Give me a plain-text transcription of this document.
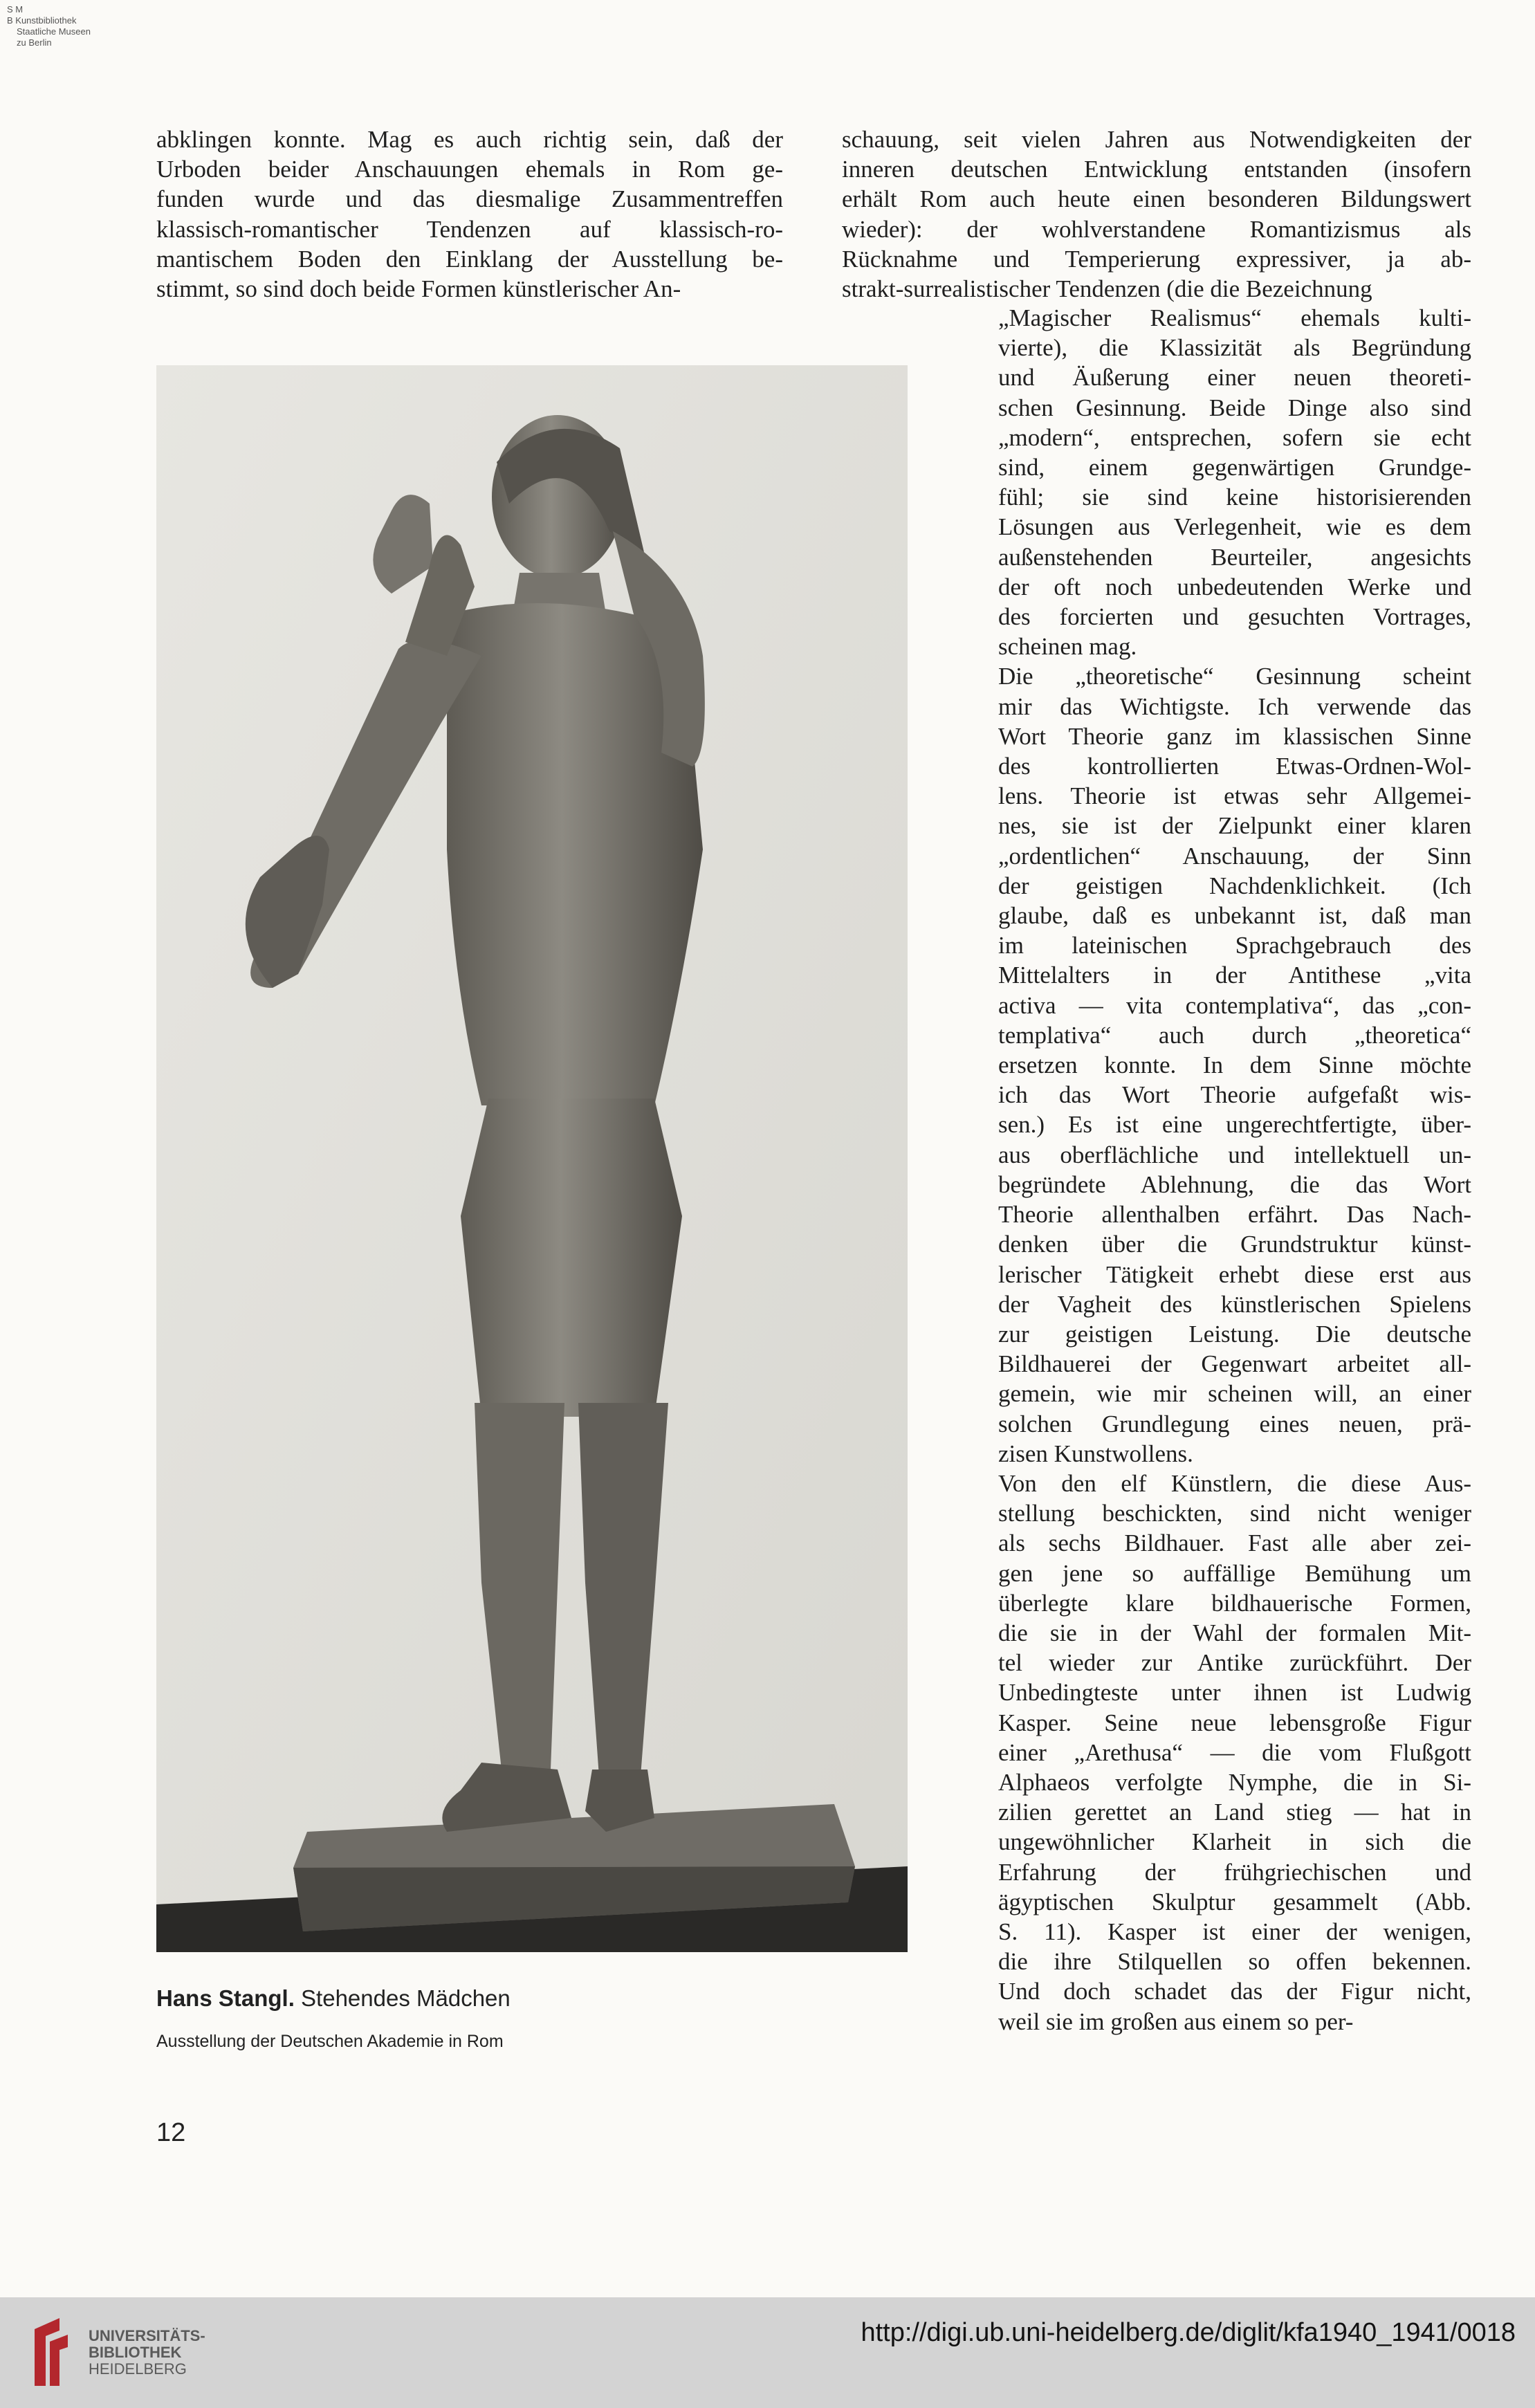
S M
B Kunstbibliothek
Staatliche Museen
zu Berlin
abklingen konnte. Mag es auch richtig sein, daß der
Urboden beider Anschauungen ehemals in Rom ge-
funden wurde und das diesmalige Zusammentreffen
klassisch-romantischer Tendenzen auf klassisch-ro-
mantischem Boden den Einklang der Ausstellung be-
stimmt, so sind doch beide Formen künstlerischer An-
schauung, seit vielen Jahren aus Notwendigkeiten der
inneren deutschen Entwicklung entstanden (insofern
erhält Rom auch heute einen besonderen Bildungswert
wieder): der wohlverstandene Romantizismus als
Rücknahme und Temperierung expressiver, ja ab-
strakt-surrealistischer Tendenzen (die die Bezeichnung
„Magischer Realismus“ ehemals kulti-
vierte), die Klassizität als Begründung
und Äußerung einer neuen theoreti-
schen Gesinnung. Beide Dinge also sind
„modern“, entsprechen, sofern sie echt
sind, einem gegenwärtigen Grundge-
fühl; sie sind keine historisierenden
Lösungen aus Verlegenheit, wie es dem
außenstehenden Beurteiler, angesichts
der oft noch unbedeutenden Werke und
des forcierten und gesuchten Vortrages,
scheinen mag.
Die „theoretische“ Gesinnung scheint
mir das Wichtigste. Ich verwende das
Wort Theorie ganz im klassischen Sinne
des kontrollierten Etwas-Ordnen-Wol-
lens. Theorie ist etwas sehr Allgemei-
nes, sie ist der Zielpunkt einer klaren
„ordentlichen“ Anschauung, der Sinn
der geistigen Nachdenklichkeit. (Ich
glaube, daß es unbekannt ist, daß man
im lateinischen Sprachgebrauch des
Mittelalters in der Antithese „vita
activa — vita contemplativa“, das „con-
templativa“ auch durch „theoretica“
ersetzen konnte. In dem Sinne möchte
ich das Wort Theorie aufgefaßt wis-
sen.) Es ist eine ungerechtfertigte, über-
aus oberflächliche und intellektuell un-
begründete Ablehnung, die das Wort
Theorie allenthalben erfährt. Das Nach-
denken über die Grundstruktur künst-
lerischer Tätigkeit erhebt diese erst aus
der Vagheit des künstlerischen Spielens
zur geistigen Leistung. Die deutsche
Bildhauerei der Gegenwart arbeitet all-
gemein, wie mir scheinen will, an einer
solchen Grundlegung eines neuen, prä-
zisen Kunstwollens.
Von den elf Künstlern, die diese Aus-
stellung beschickten, sind nicht weniger
als sechs Bildhauer. Fast alle aber zei-
gen jene so auffällige Bemühung um
überlegte klare bildhauerische Formen,
die sie in der Wahl der formalen Mit-
tel wieder zur Antike zurückführt. Der
Unbedingteste unter ihnen ist Ludwig
Kasper. Seine neue lebensgroße Figur
einer „Arethusa“ — die vom Flußgott
Alphaeos verfolgte Nymphe, die in Si-
zilien gerettet an Land stieg — hat in
ungewöhnlicher Klarheit in sich die
Erfahrung der frühgriechischen und
ägyptischen Skulptur gesammelt (Abb.
S. 11). Kasper ist einer der wenigen,
die ihre Stilquellen so offen bekennen.
Und doch schadet das der Figur nicht,
weil sie im großen aus einem so per-

Hans Stangl. Stehendes Mädchen

Ausstellung der Deutschen Akademie in Rom

12

UNIVERSITÄTS-
BIBLIOTHEK
HEIDELBERG

http://digi.ub.uni-heidelberg.de/diglit/kfa1940_1941/0018
